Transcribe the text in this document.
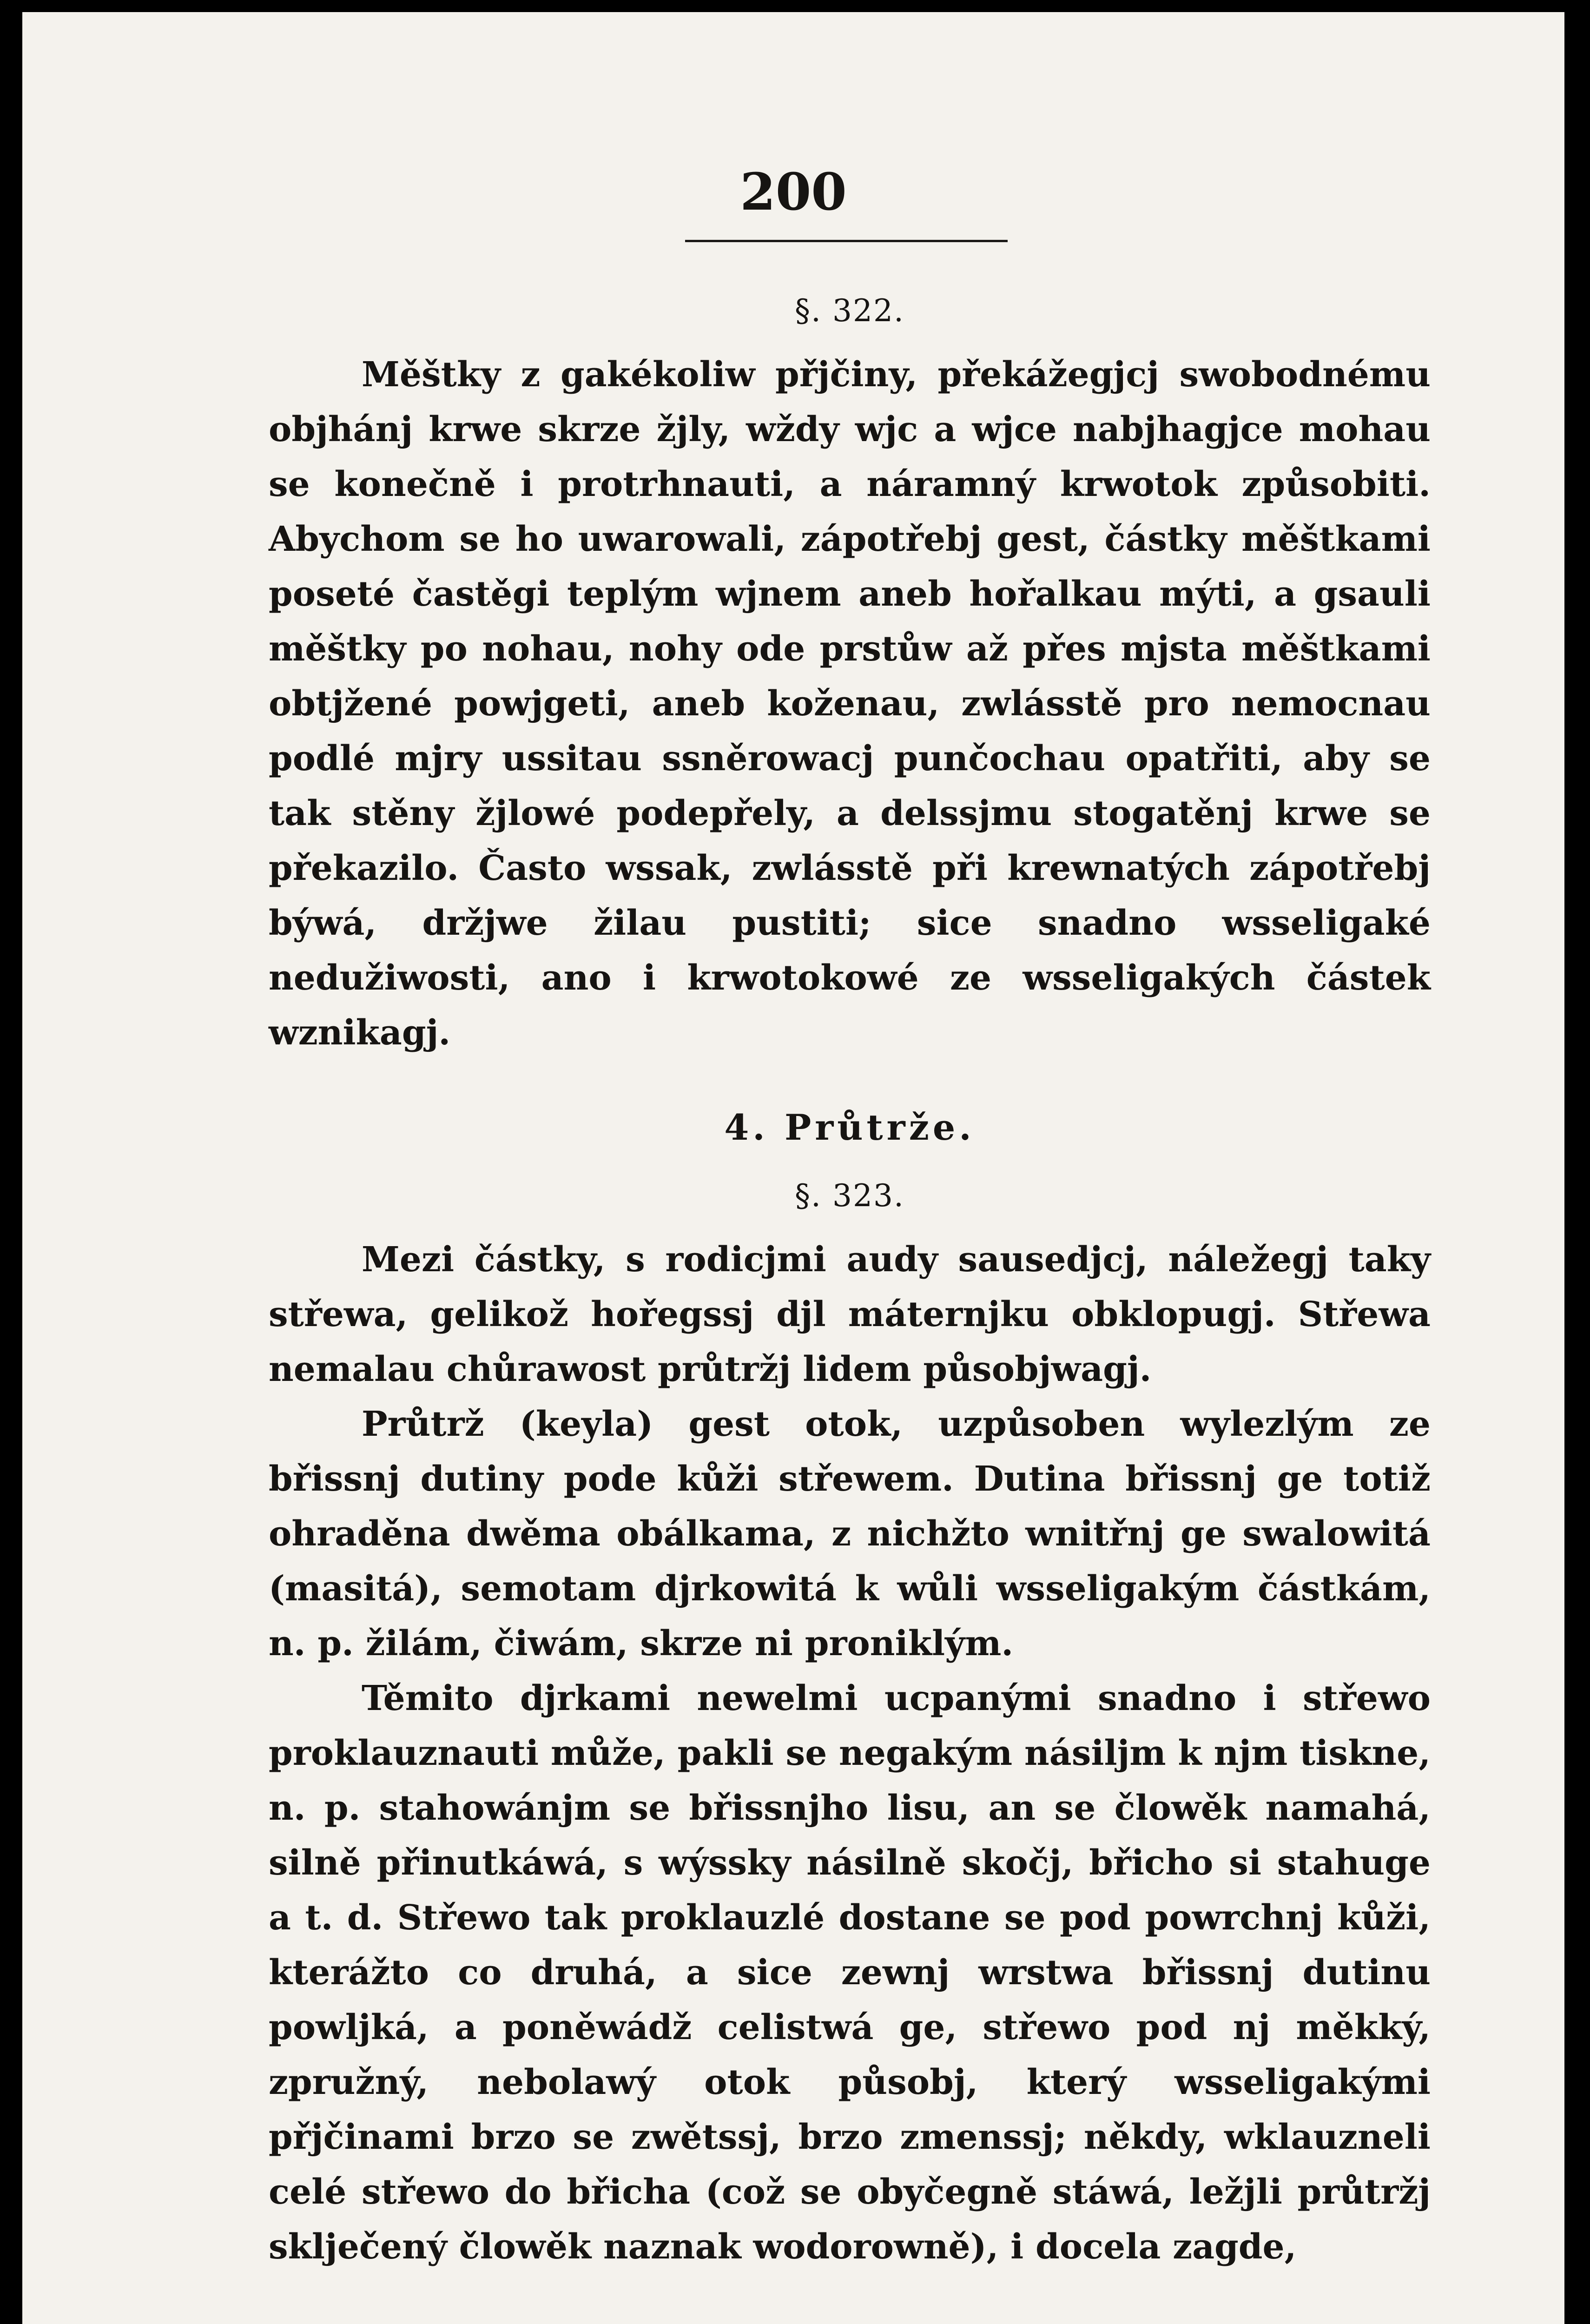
200
§. 322.

Měštky z gakékoliw přjčiny, překážegjcj swobodnému objhánj krwe skrze žjly, wždy wjc a wjce nabjhagjce mohau se konečně i protrhnauti, a náramný krwotok způsobiti. Abychom se ho uwarowali, zápotřebj gest, částky měštkami poseté častěgi teplým wjnem aneb hořalkau mýti, a gsauli měštky po nohau, nohy ode prstůw až přes mjsta měštkami obtjžené powjgeti, aneb koženau, zwlásstě pro nemocnau podlé mjry ussitau ssněrowacj punčochau opatřiti, aby se tak stěny žjlowé podepřely, a delssjmu stogatěnj krwe se překazilo. Často wssak, zwlásstě při krewnatých zápotřebj býwá, držjwe žilau pustiti; sice snadno wsseligaké nedužiwosti, ano i krwotokowé ze wsseligakých částek wznikagj.

4. Průtrže.
§. 323.

Mezi částky, s rodicjmi audy sausedjcj, náležegj taky střewa, gelikož hořegssj djl máternjku obklopugj. Střewa nemalau chůrawost průtržj lidem působjwagj.

Průtrž (keyla) gest otok, uzpůsoben wylezlým ze břissnj dutiny pode kůži střewem. Dutina břissnj ge totiž ohraděna dwěma obálkama, z nichžto wnitřnj ge swalowitá (masitá), semotam djrkowitá k wůli wsseligakým částkám, n. p. žilám, čiwám, skrze ni proniklým.

Těmito djrkami newelmi ucpanými snadno i střewo proklauznauti může, pakli se negakým násiljm k njm tiskne, n. p. stahowánjm se břissnjho lisu, an se člowěk namahá, silně přinutkáwá, s wýssky násilně skočj, břicho si stahuge a t. d. Střewo tak proklauzlé dostane se pod powrchnj kůži, kterážto co druhá, a sice zewnj wrstwa břissnj dutinu powljká, a poněwádž celistwá ge, střewo pod nj měkký, zpružný, nebolawý otok působj, který wsseligakými přjčinami brzo se zwětssj, brzo zmenssj; někdy, wklauzneli celé střewo do břicha (což se obyčegně stáwá, ležjli průtržj sklječený člowěk naznak wodorowně), i docela zagde,
